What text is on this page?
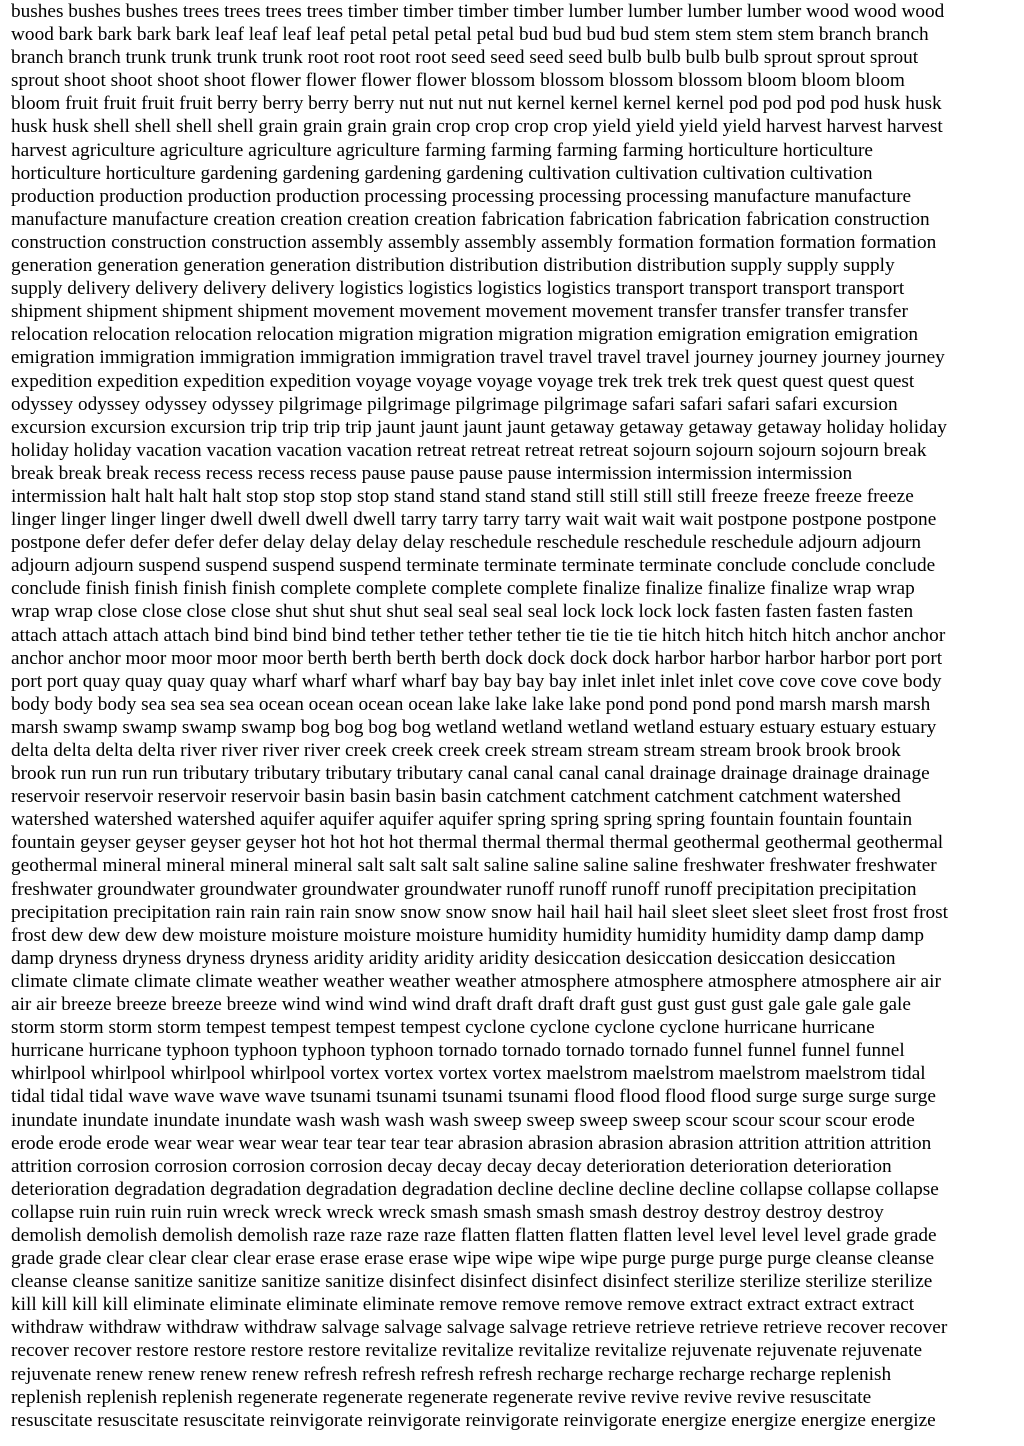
bushes bushes bushes trees trees trees trees timber timber timber timber lumber lumber lumber lumber wood wood wood
wood bark bark bark bark leaf leaf leaf leaf petal petal petal petal bud bud bud bud stem stem stem stem branch branch
branch branch trunk trunk trunk trunk root root root root seed seed seed seed bulb bulb bulb bulb sprout sprout sprout
sprout shoot shoot shoot shoot flower flower flower flower blossom blossom blossom blossom bloom bloom bloom
bloom fruit fruit fruit fruit berry berry berry berry nut nut nut nut kernel kernel kernel kernel pod pod pod pod husk husk
husk husk shell shell shell shell grain grain grain grain crop crop crop crop yield yield yield yield harvest harvest harvest
harvest agriculture agriculture agriculture agriculture farming farming farming farming horticulture horticulture
horticulture horticulture gardening gardening gardening gardening cultivation cultivation cultivation cultivation
production production production production processing processing processing processing manufacture manufacture
manufacture manufacture creation creation creation creation fabrication fabrication fabrication fabrication construction
construction construction construction assembly assembly assembly assembly formation formation formation formation
generation generation generation generation distribution distribution distribution distribution supply supply supply
supply delivery delivery delivery delivery logistics logistics logistics logistics transport transport transport transport
shipment shipment shipment shipment movement movement movement movement transfer transfer transfer transfer
relocation relocation relocation relocation migration migration migration migration emigration emigration emigration
emigration immigration immigration immigration immigration travel travel travel travel journey journey journey journey
expedition expedition expedition expedition voyage voyage voyage voyage trek trek trek trek quest quest quest quest
odyssey odyssey odyssey odyssey pilgrimage pilgrimage pilgrimage pilgrimage safari safari safari safari excursion
excursion excursion excursion trip trip trip trip jaunt jaunt jaunt jaunt getaway getaway getaway getaway holiday holiday
holiday holiday vacation vacation vacation vacation retreat retreat retreat retreat sojourn sojourn sojourn sojourn break
break break break recess recess recess recess pause pause pause pause intermission intermission intermission
intermission halt halt halt halt stop stop stop stop stand stand stand stand still still still still freeze freeze freeze freeze
linger linger linger linger dwell dwell dwell dwell tarry tarry tarry tarry wait wait wait wait postpone postpone postpone
postpone defer defer defer defer delay delay delay delay reschedule reschedule reschedule reschedule adjourn adjourn
adjourn adjourn suspend suspend suspend suspend terminate terminate terminate terminate conclude conclude conclude
conclude finish finish finish finish complete complete complete complete finalize finalize finalize finalize wrap wrap
wrap wrap close close close close shut shut shut shut seal seal seal seal lock lock lock lock fasten fasten fasten fasten
attach attach attach attach bind bind bind bind tether tether tether tether tie tie tie tie hitch hitch hitch hitch anchor anchor
anchor anchor moor moor moor moor berth berth berth berth dock dock dock dock harbor harbor harbor harbor port port
port port quay quay quay quay wharf wharf wharf wharf bay bay bay bay inlet inlet inlet inlet cove cove cove cove body
body body body sea sea sea sea ocean ocean ocean ocean lake lake lake lake pond pond pond pond marsh marsh marsh
marsh swamp swamp swamp swamp bog bog bog bog wetland wetland wetland wetland estuary estuary estuary estuary
delta delta delta delta river river river river creek creek creek creek stream stream stream stream brook brook brook
brook run run run run tributary tributary tributary tributary canal canal canal canal drainage drainage drainage drainage
reservoir reservoir reservoir reservoir basin basin basin basin catchment catchment catchment catchment watershed
watershed watershed watershed aquifer aquifer aquifer aquifer spring spring spring spring fountain fountain fountain
fountain geyser geyser geyser geyser hot hot hot hot thermal thermal thermal thermal geothermal geothermal geothermal
geothermal mineral mineral mineral mineral salt salt salt salt saline saline saline saline freshwater freshwater freshwater
freshwater groundwater groundwater groundwater groundwater runoff runoff runoff runoff precipitation precipitation
precipitation precipitation rain rain rain rain snow snow snow snow hail hail hail hail sleet sleet sleet sleet frost frost frost
frost dew dew dew dew moisture moisture moisture moisture humidity humidity humidity humidity damp damp damp
damp dryness dryness dryness dryness aridity aridity aridity aridity desiccation desiccation desiccation desiccation
climate climate climate climate weather weather weather weather atmosphere atmosphere atmosphere atmosphere air air
air air breeze breeze breeze breeze wind wind wind wind draft draft draft draft gust gust gust gust gale gale gale gale
storm storm storm storm tempest tempest tempest tempest cyclone cyclone cyclone cyclone hurricane hurricane
hurricane hurricane typhoon typhoon typhoon typhoon tornado tornado tornado tornado funnel funnel funnel funnel
whirlpool whirlpool whirlpool whirlpool vortex vortex vortex vortex maelstrom maelstrom maelstrom maelstrom tidal
tidal tidal tidal wave wave wave wave tsunami tsunami tsunami tsunami flood flood flood flood surge surge surge surge
inundate inundate inundate inundate wash wash wash wash sweep sweep sweep sweep scour scour scour scour erode
erode erode erode wear wear wear wear tear tear tear tear abrasion abrasion abrasion abrasion attrition attrition attrition
attrition corrosion corrosion corrosion corrosion decay decay decay decay deterioration deterioration deterioration
deterioration degradation degradation degradation degradation decline decline decline decline collapse collapse collapse
collapse ruin ruin ruin ruin wreck wreck wreck wreck smash smash smash smash destroy destroy destroy destroy
demolish demolish demolish demolish raze raze raze raze flatten flatten flatten flatten level level level level grade grade
grade grade clear clear clear clear erase erase erase erase wipe wipe wipe wipe purge purge purge purge cleanse cleanse
cleanse cleanse sanitize sanitize sanitize sanitize disinfect disinfect disinfect disinfect sterilize sterilize sterilize sterilize
kill kill kill kill eliminate eliminate eliminate eliminate remove remove remove remove extract extract extract extract
withdraw withdraw withdraw withdraw salvage salvage salvage salvage retrieve retrieve retrieve retrieve recover recover
recover recover restore restore restore restore revitalize revitalize revitalize revitalize rejuvenate rejuvenate rejuvenate
rejuvenate renew renew renew renew refresh refresh refresh refresh recharge recharge recharge recharge replenish
replenish replenish replenish regenerate regenerate regenerate regenerate revive revive revive revive resuscitate
resuscitate resuscitate resuscitate reinvigorate reinvigorate reinvigorate reinvigorate energize energize energize energize
